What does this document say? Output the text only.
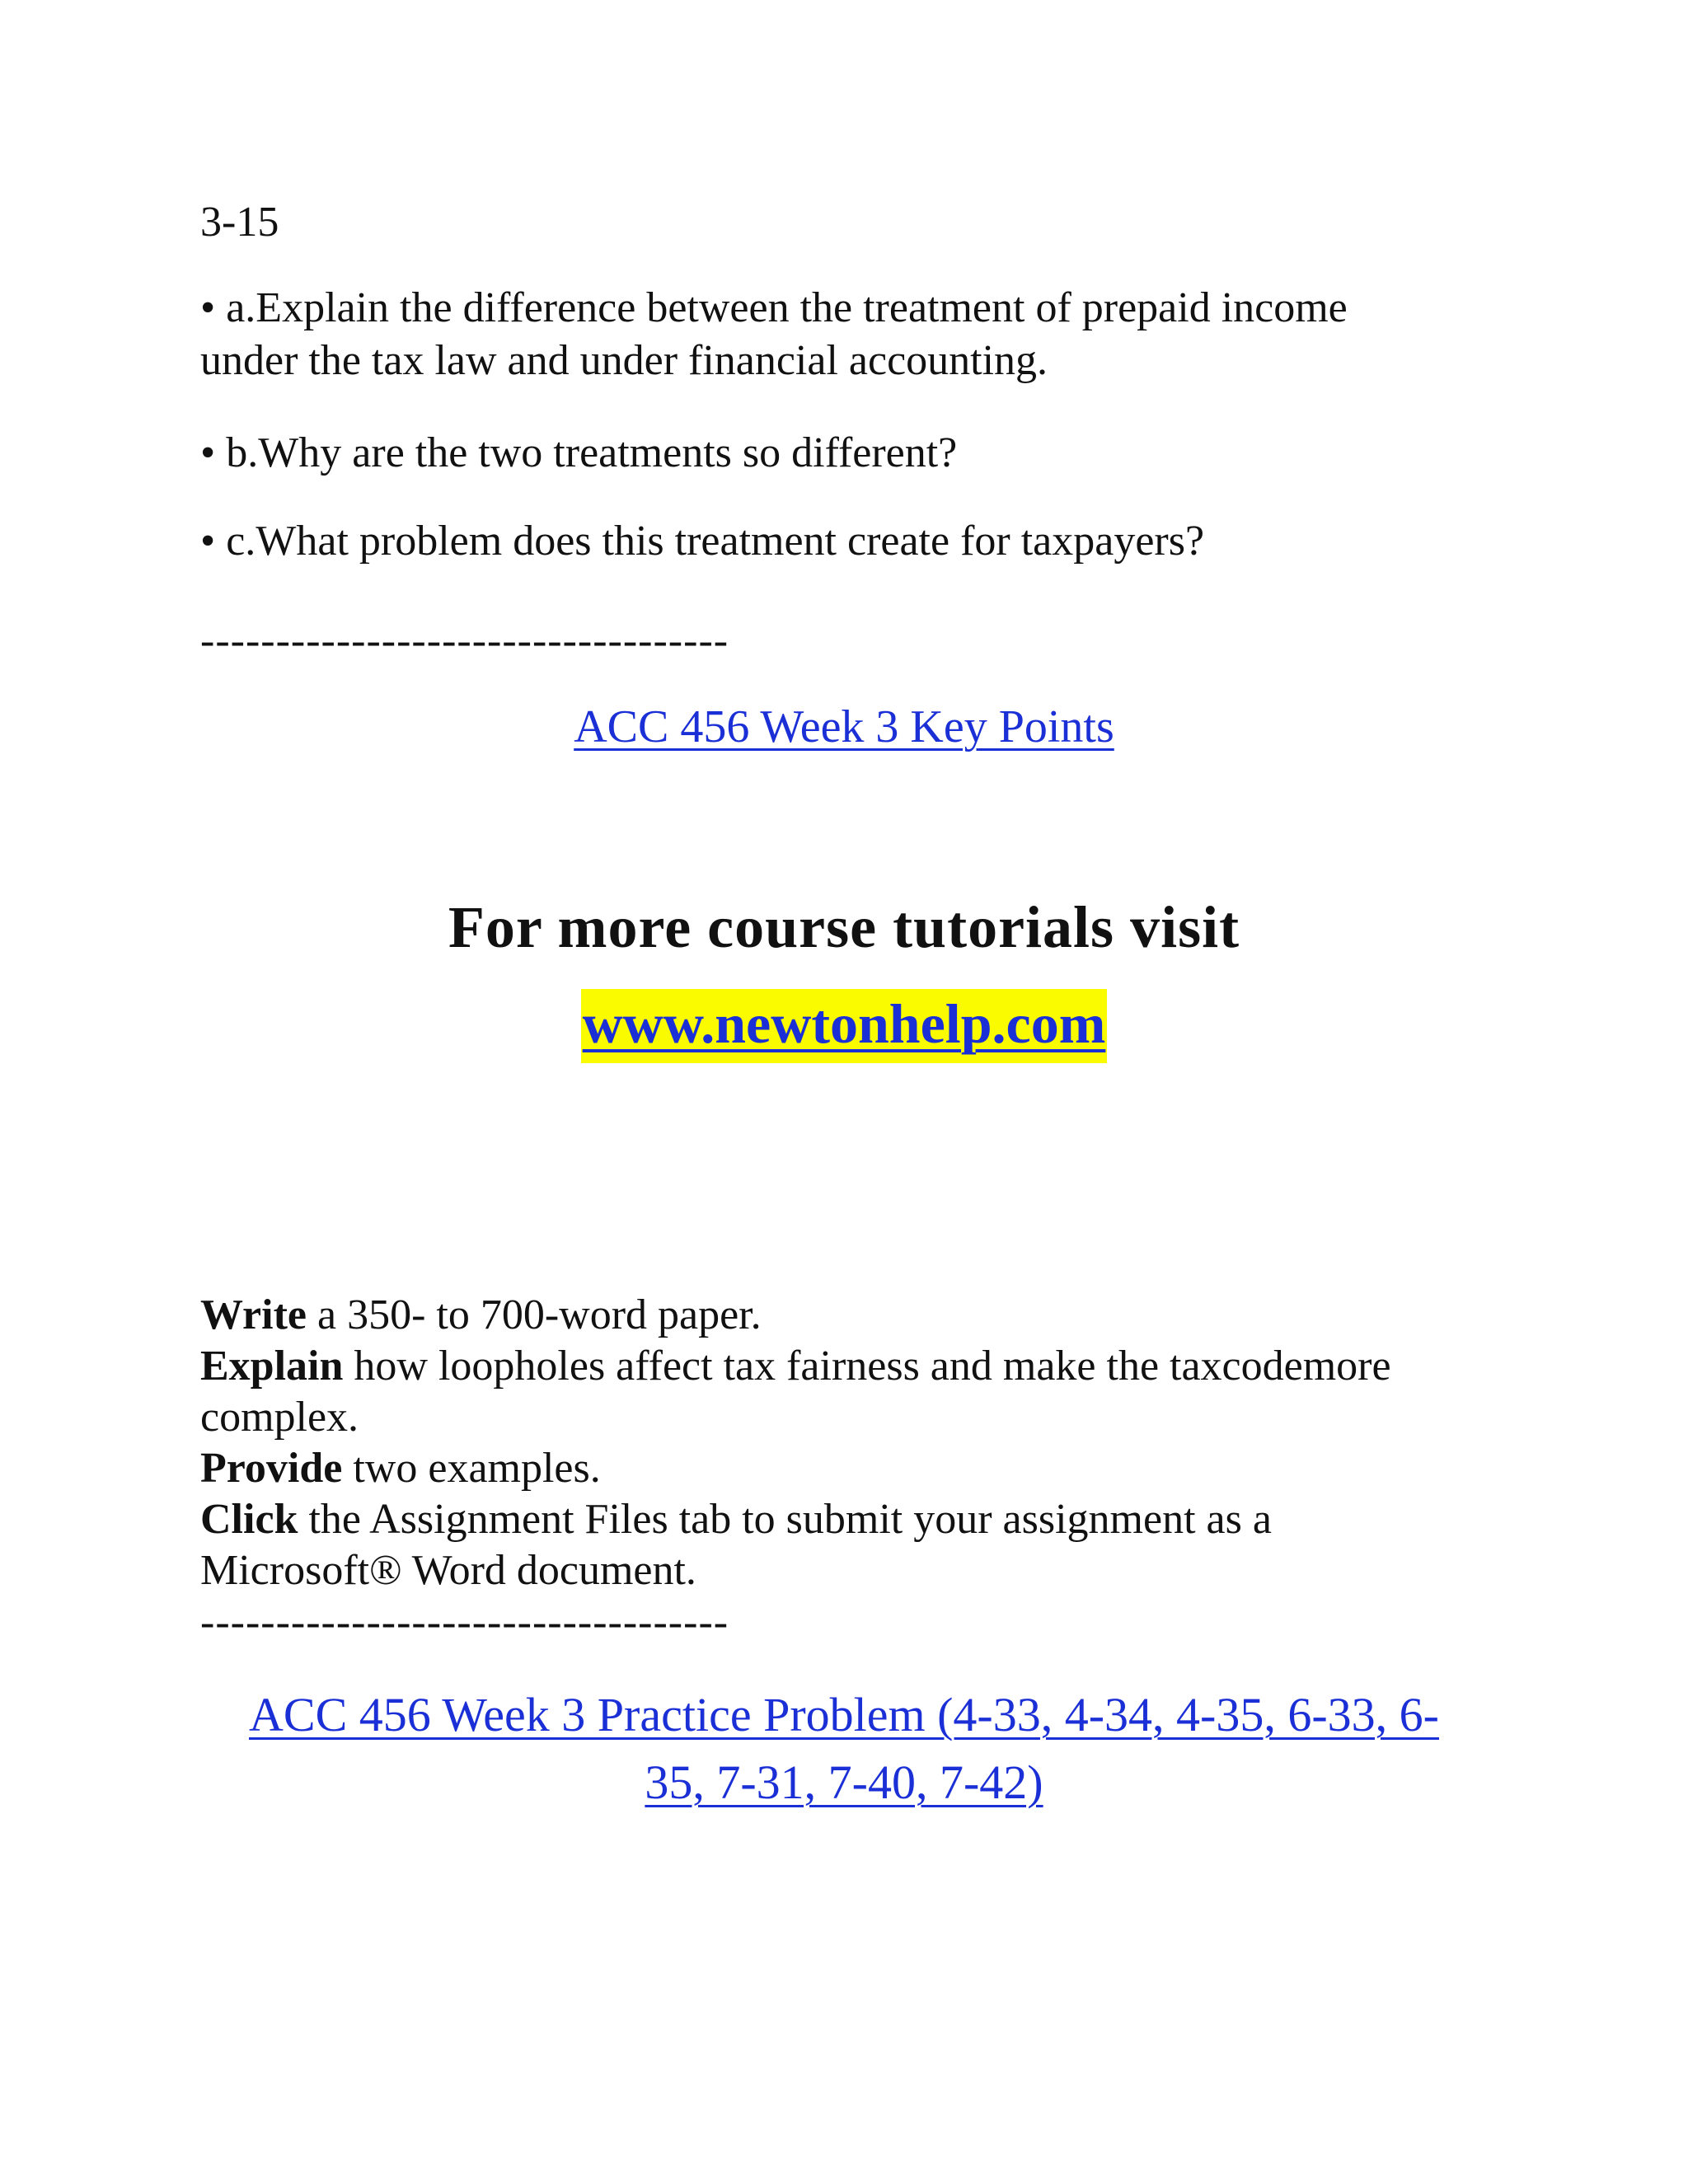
3-15

• a.Explain the difference between the treatment of prepaid income

under the tax law and under financial accounting.

• b.Why are the two treatments so different?

• c.What problem does this treatment create for taxpayers?

-----------------------------------

ACC 456 Week 3 Key Points

For more course tutorials visit

www.newtonhelp.com

Write a 350- to 700-word paper.

Explain how loopholes affect tax fairness and make the taxcodemore

complex.

Provide two examples.

Click the Assignment Files tab to submit your assignment as a

Microsoft® Word document.

-----------------------------------

ACC 456 Week 3 Practice Problem (4-33, 4-34, 4-35, 6-33, 6-

35, 7-31, 7-40, 7-42)
